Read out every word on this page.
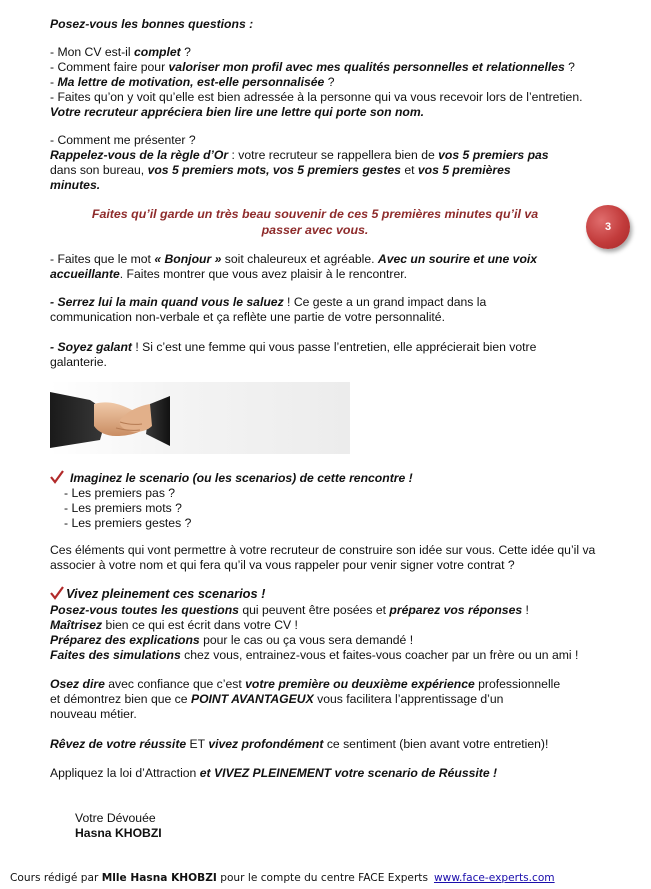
Posez-vous les bonnes questions :
- Mon CV est-il complet ?
- Comment faire pour valoriser mon profil avec mes qualités personnelles et relationnelles ?
- Ma lettre de motivation, est-elle personnalisée ?
- Faites qu’on y voit qu’elle est bien adressée à la personne qui va vous recevoir lors de l’entretien.
Votre recruteur appréciera bien lire une lettre qui porte son nom.
- Comment me présenter ?
Rappelez-vous de la règle d’Or : votre recruteur se rappellera bien de vos 5 premiers pas
dans son bureau, vos 5 premiers mots, vos 5 premiers gestes et vos 5 premières
minutes.
Faites qu’il garde un très beau souvenir de ces 5 premières minutes qu’il va
passer avec vous.
- Faites que le mot « Bonjour » soit chaleureux et agréable. Avec un sourire et une voix
accueillante. Faites montrer que vous avez plaisir à le rencontrer.
- Serrez lui la main quand vous le saluez ! Ce geste a un grand impact dans la
communication non-verbale et ça reflète une partie de votre personnalité.
- Soyez galant ! Si c’est une femme qui vous passe l’entretien, elle apprécierait bien votre
galanterie.
Imaginez le scenario (ou les scenarios) de cette rencontre !
- Les premiers pas ?
- Les premiers mots ?
- Les premiers gestes ?
Ces éléments qui vont permettre à votre recruteur de construire son idée sur vous. Cette idée qu’il va
associer à votre nom et qui fera qu’il va vous rappeler pour venir signer votre contrat ?
Vivez pleinement ces scenarios !
Posez-vous toutes les questions qui peuvent être posées et préparez vos réponses !
Maîtrisez bien ce qui est écrit dans votre CV !
Préparez des explications pour le cas ou ça vous sera demandé !
Faites des simulations chez vous, entrainez-vous et faites-vous coacher par un frère ou un ami !
Osez dire avec confiance que c’est votre première ou deuxième expérience professionnelle
et démontrez bien que ce POINT AVANTAGEUX vous facilitera l’apprentissage d’un
nouveau métier.
Rêvez de votre réussite ET vivez profondément ce sentiment (bien avant votre entretien)!
Appliquez la loi d’Attraction et VIVEZ PLEINEMENT votre scenario de Réussite !
Votre Dévouée
Hasna KHOBZI
3
Cours rédigé par Mlle Hasna KHOBZI pour le compte du centre FACE Experts www.face-experts.com
